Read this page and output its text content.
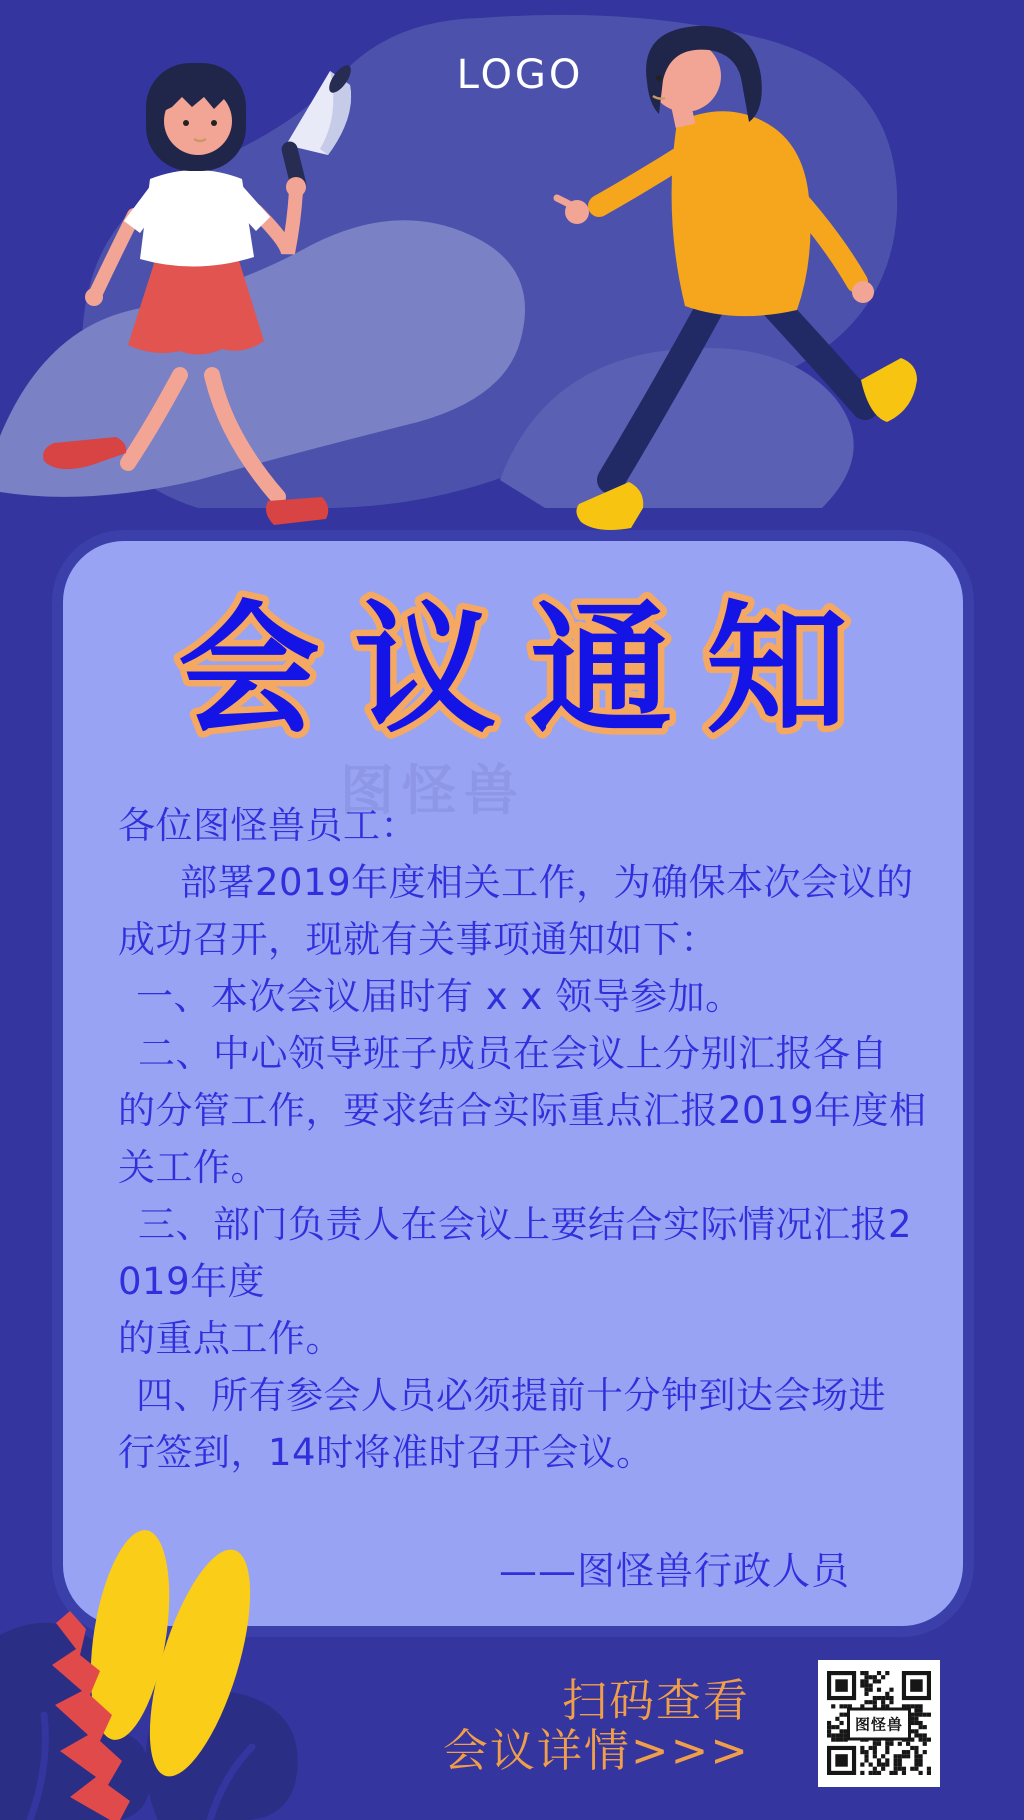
LOGO
会议通知
各位图怪兽员工：
部署2019年度相关工作，为确保本次会议的
成功召开，现就有关事项通知如下：
一、本次会议届时有 x x 领导参加。
二、中心领导班子成员在会议上分别汇报各自
的分管工作，要求结合实际重点汇报2019年度相
关工作。
三、部门负责人在会议上要结合实际情况汇报2
019年度
的重点工作。
四、所有参会人员必须提前十分钟到达会场进
行签到，14时将准时召开会议。
——图怪兽行政人员
扫码查看
会议详情>>>	图怪兽
